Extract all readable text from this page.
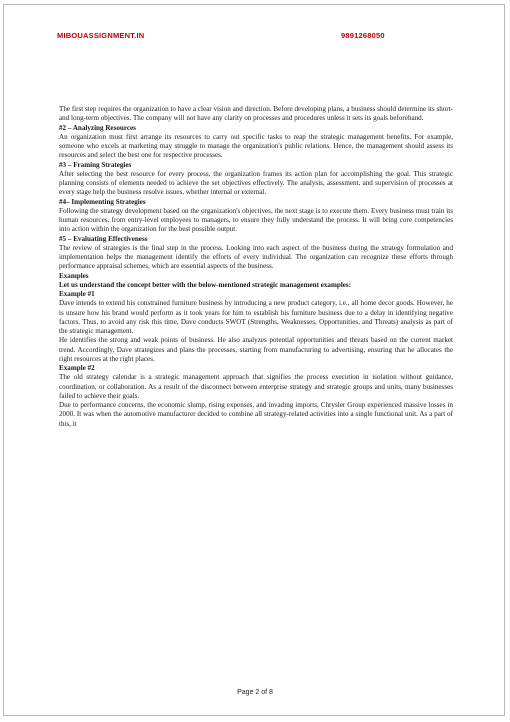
MIBOUASSIGNMENT.IN	9891268050

The first step requires the organization to have a clear vision and direction. Before developing plans, a business should determine its short- and long-term objectives. The company will not have any clarity on processes and procedures unless it sets its goals beforehand.

#2 – Analyzing Resources

An organization must first arrange its resources to carry out specific tasks to reap the strategic management benefits. For example, someone who excels at marketing may struggle to manage the organization's public relations. Hence, the management should assess its resources and select the best one for respective processes.

#3 – Framing Strategies

After selecting the best resource for every process, the organization frames its action plan for accomplishing the goal. This strategic planning consists of elements needed to achieve the set objectives effectively. The analysis, assessment, and supervision of processes at every stage help the business resolve issues, whether internal or external.

#4– Implementing Strategies

Following the strategy development based on the organization's objectives, the next stage is to execute them. Every business must train its human resources, from entry-level employees to managers, to ensure they fully understand the process. It will bring core competencies into action within the organization for the best possible output.

#5 – Evaluating Effectiveness

The review of strategies is the final step in the process. Looking into each aspect of the business during the strategy formulation and implementation helps the management identify the efforts of every individual. The organization can recognize these efforts through performance appraisal schemes, which are essential aspects of the business.

Examples

Let us understand the concept better with the below-mentioned strategic management examples:

Example #1

Dave intends to extend his constrained furniture business by introducing a new product category, i.e., all home decor goods. However, he is unsure how his brand would perform as it took years for him to establish his furniture business due to a delay in identifying negative factors. Thus, to avoid any risk this time, Dave conducts SWOT (Strengths, Weaknesses, Opportunities, and Threats) analysis as part of the strategic management.

He identifies the strong and weak points of business. He also analyzes potential opportunities and threats based on the current market trend. Accordingly, Dave strategizes and plans the processes, starting from manufacturing to advertising, ensuring that he allocates the right resources at the right places.

Example #2

The old strategy calendar is a strategic management approach that signifies the process execution in isolation without guidance, coordination, or collaboration. As a result of the disconnect between enterprise strategy and strategic groups and units, many businesses failed to achieve their goals.

Due to performance concerns, the economic slump, rising expenses, and invading imports, Chrysler Group experienced massive losses in 2000. It was when the automotive manufacturer decided to combine all strategy-related activities into a single functional unit. As a part of this, it

Page 2 of 8
